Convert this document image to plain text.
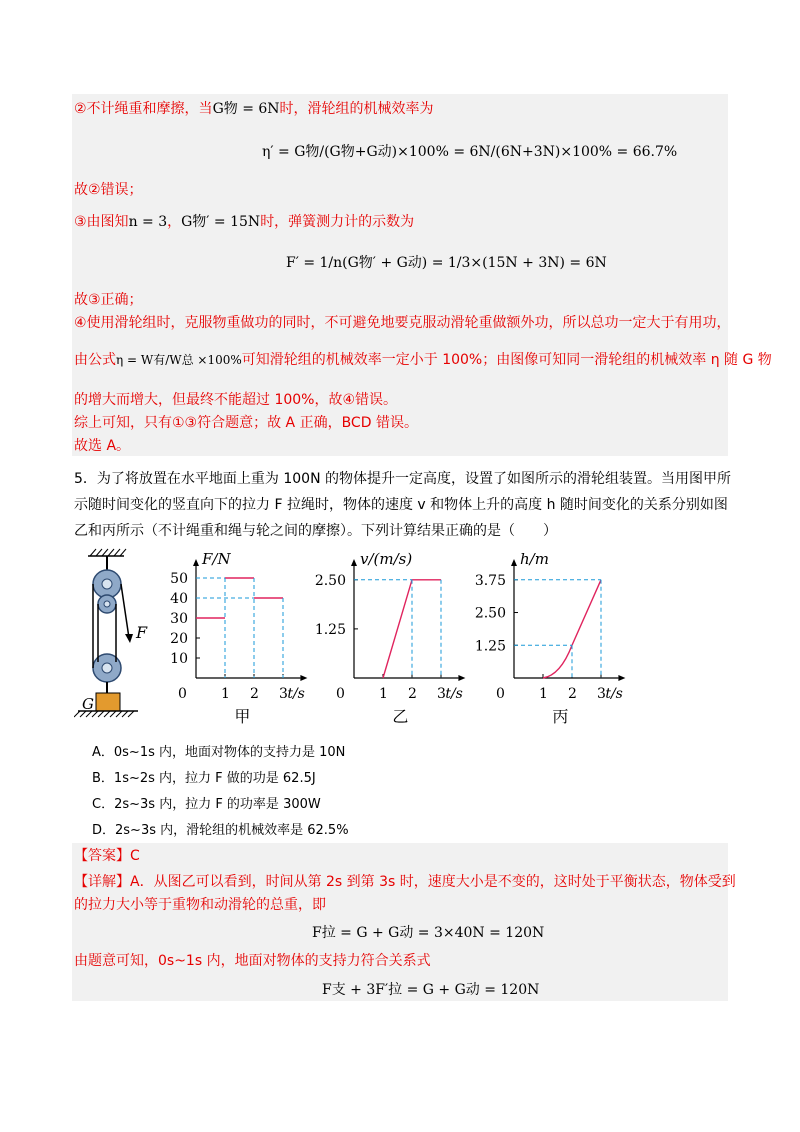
②不计绳重和摩擦，当G物 = 6N时，滑轮组的机械效率为
η′ = G物/(G物+G动)×100% = 6N/(6N+3N)×100% = 66.7%
故②错误；
③由图知n = 3，G物′ = 15N时，弹簧测力计的示数为
F′ = 1/n(G物′ + G动) = 1/3×(15N + 3N) = 6N
故③正确；
④使用滑轮组时，克服物重做功的同时，不可避免地要克服动滑轮重做额外功，所以总功一定大于有用功，
由公式η = W有/W总 ×100%可知滑轮组的机械效率一定小于 100%；由图像可知同一滑轮组的机械效率 η 随 G 物
的增大而增大，但最终不能超过 100%，故④错误。
综上可知，只有①③符合题意；故 A 正确，BCD 错误。
故选 A。
5．为了将放置在水平地面上重为 100N 的物体提升一定高度，设置了如图所示的滑轮组装置。当用图甲所
示随时间变化的竖直向下的拉力 F 拉绳时，物体的速度 v 和物体上升的高度 h 随时间变化的关系分别如图
乙和丙所示（不计绳重和绳与轮之间的摩擦）。下列计算结果正确的是（　　）
F
G
F/N
t/s
0 1 2 3
50
40
30
20
10
甲
v/(m/s)
t/s
0 1 2 3
2.50
1.25
乙
h/m
t/s
0 1 2 3
3.75
2.50
1.25
丙
A．0s~1s 内，地面对物体的支持力是 10N
B．1s~2s 内，拉力 F 做的功是 62.5J
C．2s~3s 内，拉力 F 的功率是 300W
D．2s~3s 内，滑轮组的机械效率是 62.5%
【答案】C
【详解】A．从图乙可以看到，时间从第 2s 到第 3s 时，速度大小是不变的，这时处于平衡状态，物体受到
的拉力大小等于重物和动滑轮的总重，即
F拉 = G + G动 = 3×40N = 120N
由题意可知，0s~1s 内，地面对物体的支持力符合关系式
F支 + 3F′拉 = G + G动 = 120N
